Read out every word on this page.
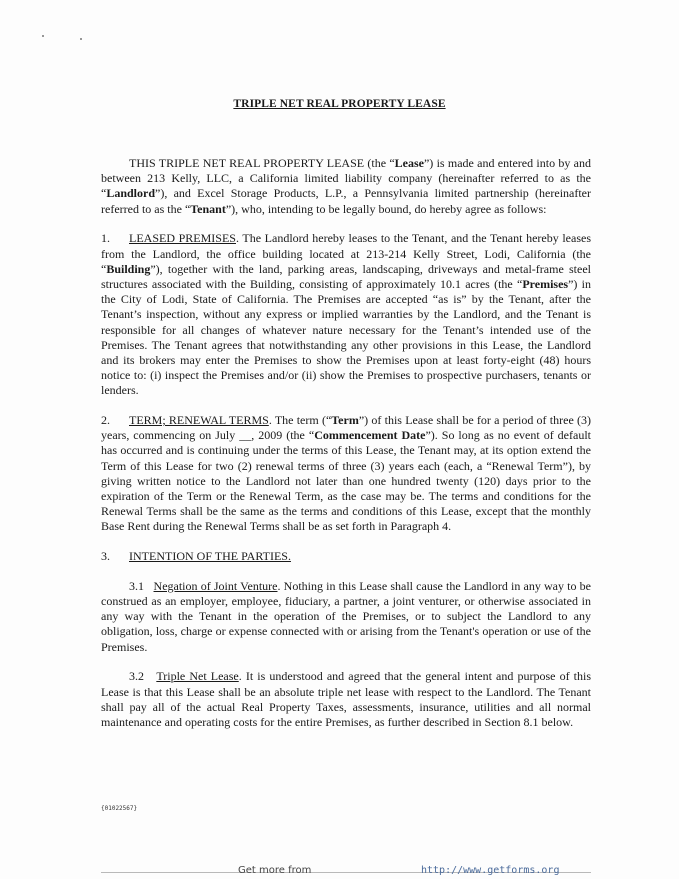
TRIPLE NET REAL PROPERTY LEASE

THIS TRIPLE NET REAL PROPERTY LEASE (the “Lease”) is made and entered into by and between 213 Kelly, LLC, a California limited liability company (hereinafter referred to as the “Landlord”), and Excel Storage Products, L.P., a Pennsylvania limited partnership (hereinafter referred to as the “Tenant”), who, intending to be legally bound, do hereby agree as follows:

1. LEASED PREMISES. The Landlord hereby leases to the Tenant, and the Tenant hereby leases from the Landlord, the office building located at 213-214 Kelly Street, Lodi, California (the “Building”), together with the land, parking areas, landscaping, driveways and metal-frame steel structures associated with the Building, consisting of approximately 10.1 acres (the “Premises”) in the City of Lodi, State of California. The Premises are accepted “as is” by the Tenant, after the Tenant’s inspection, without any express or implied warranties by the Landlord, and the Tenant is responsible for all changes of whatever nature necessary for the Tenant’s intended use of the Premises. The Tenant agrees that notwithstanding any other provisions in this Lease, the Landlord and its brokers may enter the Premises to show the Premises upon at least forty-eight (48) hours notice to: (i) inspect the Premises and/or (ii) show the Premises to prospective purchasers, tenants or lenders.

2. TERM; RENEWAL TERMS. The term (“Term”) of this Lease shall be for a period of three (3) years, commencing on July __, 2009 (the “Commencement Date”). So long as no event of default has occurred and is continuing under the terms of this Lease, the Tenant may, at its option extend the Term of this Lease for two (2) renewal terms of three (3) years each (each, a “Renewal Term”), by giving written notice to the Landlord not later than one hundred twenty (120) days prior to the expiration of the Term or the Renewal Term, as the case may be. The terms and conditions for the Renewal Terms shall be the same as the terms and conditions of this Lease, except that the monthly Base Rent during the Renewal Terms shall be as set forth in Paragraph 4.

3. INTENTION OF THE PARTIES.

3.1 Negation of Joint Venture. Nothing in this Lease shall cause the Landlord in any way to be construed as an employer, employee, fiduciary, a partner, a joint venturer, or otherwise associated in any way with the Tenant in the operation of the Premises, or to subject the Landlord to any obligation, loss, charge or expense connected with or arising from the Tenant's operation or use of the Premises.

3.2 Triple Net Lease. It is understood and agreed that the general intent and purpose of this Lease is that this Lease shall be an absolute triple net lease with respect to the Landlord. The Tenant shall pay all of the actual Real Property Taxes, assessments, insurance, utilities and all normal maintenance and operating costs for the entire Premises, as further described in Section 8.1 below.

{01022567}
Get more from	http://www.getforms.org
